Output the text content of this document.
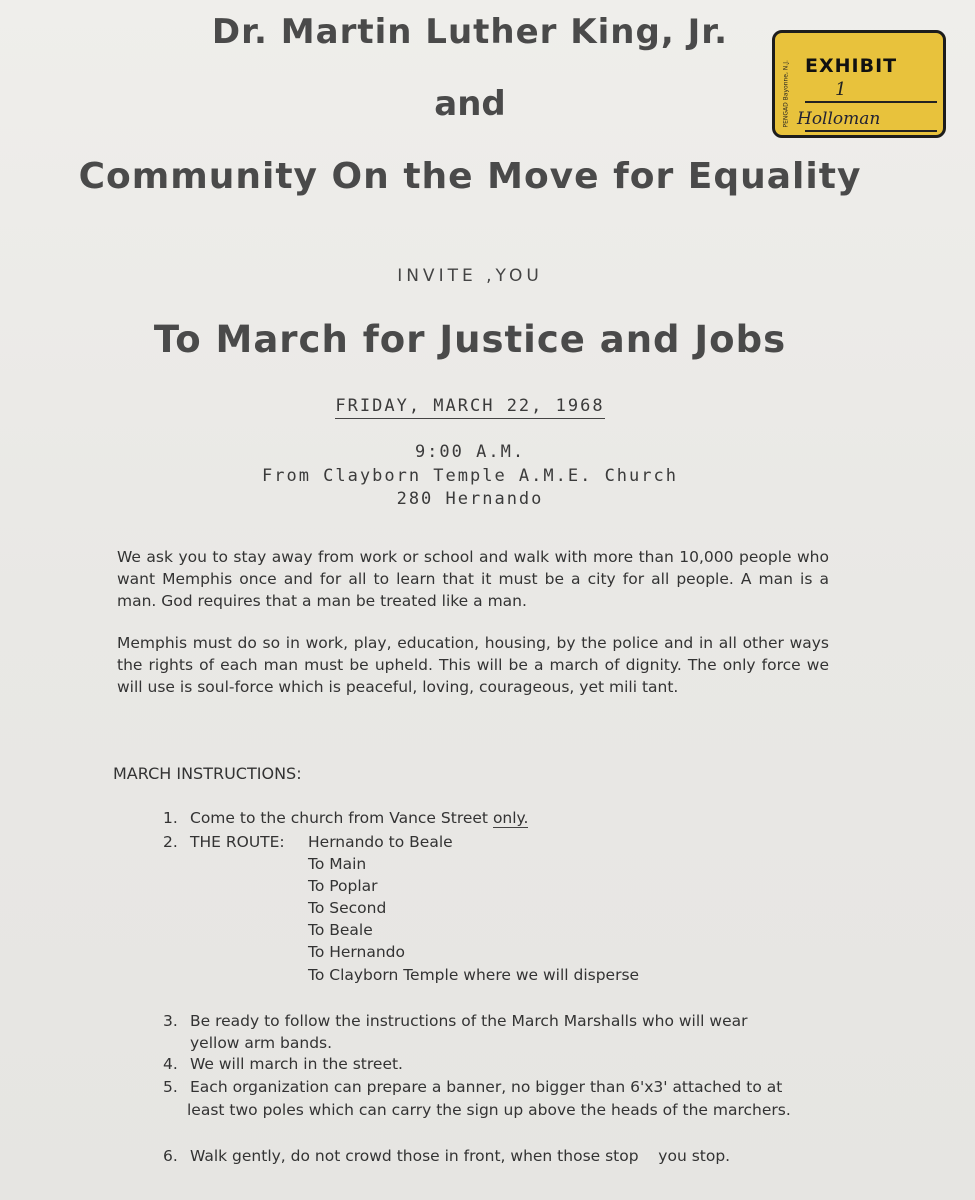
Dr. Martin Luther King, Jr.
and
Community On the Move for Equality
INVITE ,YOU
To March for Justice and Jobs
FRIDAY, MARCH 22, 1968
9:00 A.M.
From Clayborn Temple A.M.E. Church
280 Hernando
We ask you to stay away from work or school and walk with more than 10,000 people who want Memphis once and for all to learn that it must be a city for all people. A man is a man. God requires that a man be treated like a man.
Memphis must do so in work, play, education, housing, by the police and in all other ways the rights of each man must be upheld. This will be a march of dignity. The only force we will use is soul-force which is peaceful, loving, courageous, yet mili tant.
MARCH INSTRUCTIONS:
1. Come to the church from Vance Street only.
2. THE ROUTE: Hernando to Beale
To Main
To Poplar
To Second
To Beale
To Hernando
To Clayborn Temple where we will disperse
3. Be ready to follow the instructions of the March Marshalls who will wear
yellow arm bands.
4. We will march in the street.
5. Each organization can prepare a banner, no bigger than 6'x3' attached to at
least two poles which can carry the sign up above the heads of the marchers.
6. Walk gently, do not crowd those in front, when those stop    you stop.
PENGAD Bayonne, N.J. EXHIBIT
1
Holloman
